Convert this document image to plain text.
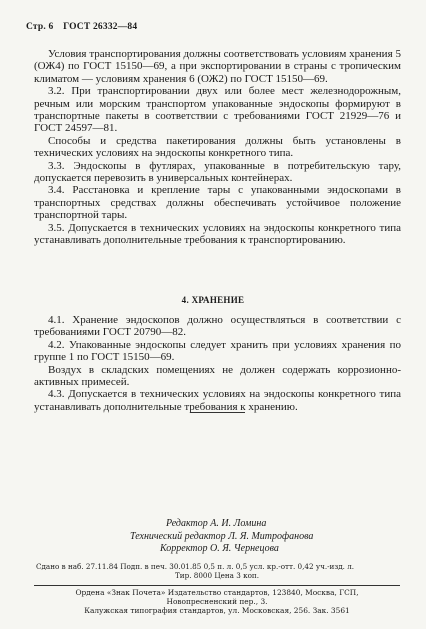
Стр. 6 ГОСТ 26332—84

Условия транспортирования должны соответствовать условиям хранения 5 (ОЖ4) по ГОСТ 15150—69, а при экспортировании в страны с тропическим климатом — условиям хранения 6 (ОЖ2) по ГОСТ 15150—69.

3.2. При транспортировании двух или более мест железнодорожным, речным или морским транспортом упакованные эндоскопы формируют в транспортные пакеты в соответствии с требованиями ГОСТ 21929—76 и ГОСТ 24597—81.

Способы и средства пакетирования должны быть установлены в технических условиях на эндоскопы конкретного типа.

3.3. Эндоскопы в футлярах, упакованные в потребительскую тару, допускается перевозить в универсальных контейнерах.

3.4. Расстановка и крепление тары с упакованными эндоскопами в транспортных средствах должны обеспечивать устойчивое положение транспортной тары.

3.5. Допускается в технических условиях на эндоскопы конкретного типа устанавливать дополнительные требования к транспортированию.

4. ХРАНЕНИЕ

4.1. Хранение эндоскопов должно осуществляться в соответствии с требованиями ГОСТ 20790—82.

4.2. Упакованные эндоскопы следует хранить при условиях хранения по группе 1 по ГОСТ 15150—69.

Воздух в складских помещениях не должен содержать коррозионно-активных примесей.

4.3. Допускается в технических условиях на эндоскопы конкретного типа устанавливать дополнительные требования к хранению.

Редактор А. И. Ломина
Технический редактор Л. Я. Митрофанова
Корректор О. Я. Чернецова
Сдано в наб. 27.11.84 Подп. в печ. 30.01.85 0,5 п. л. 0,5 усл. кр.-отт. 0,42 уч.-изд. л.
Тир. 8000 Цена 3 коп.
Ордена «Знак Почета» Издательство стандартов, 123840, Москва, ГСП,
Новопресненский пер., 3.
Калужская типография стандартов, ул. Московская, 256. Зак. 3561
